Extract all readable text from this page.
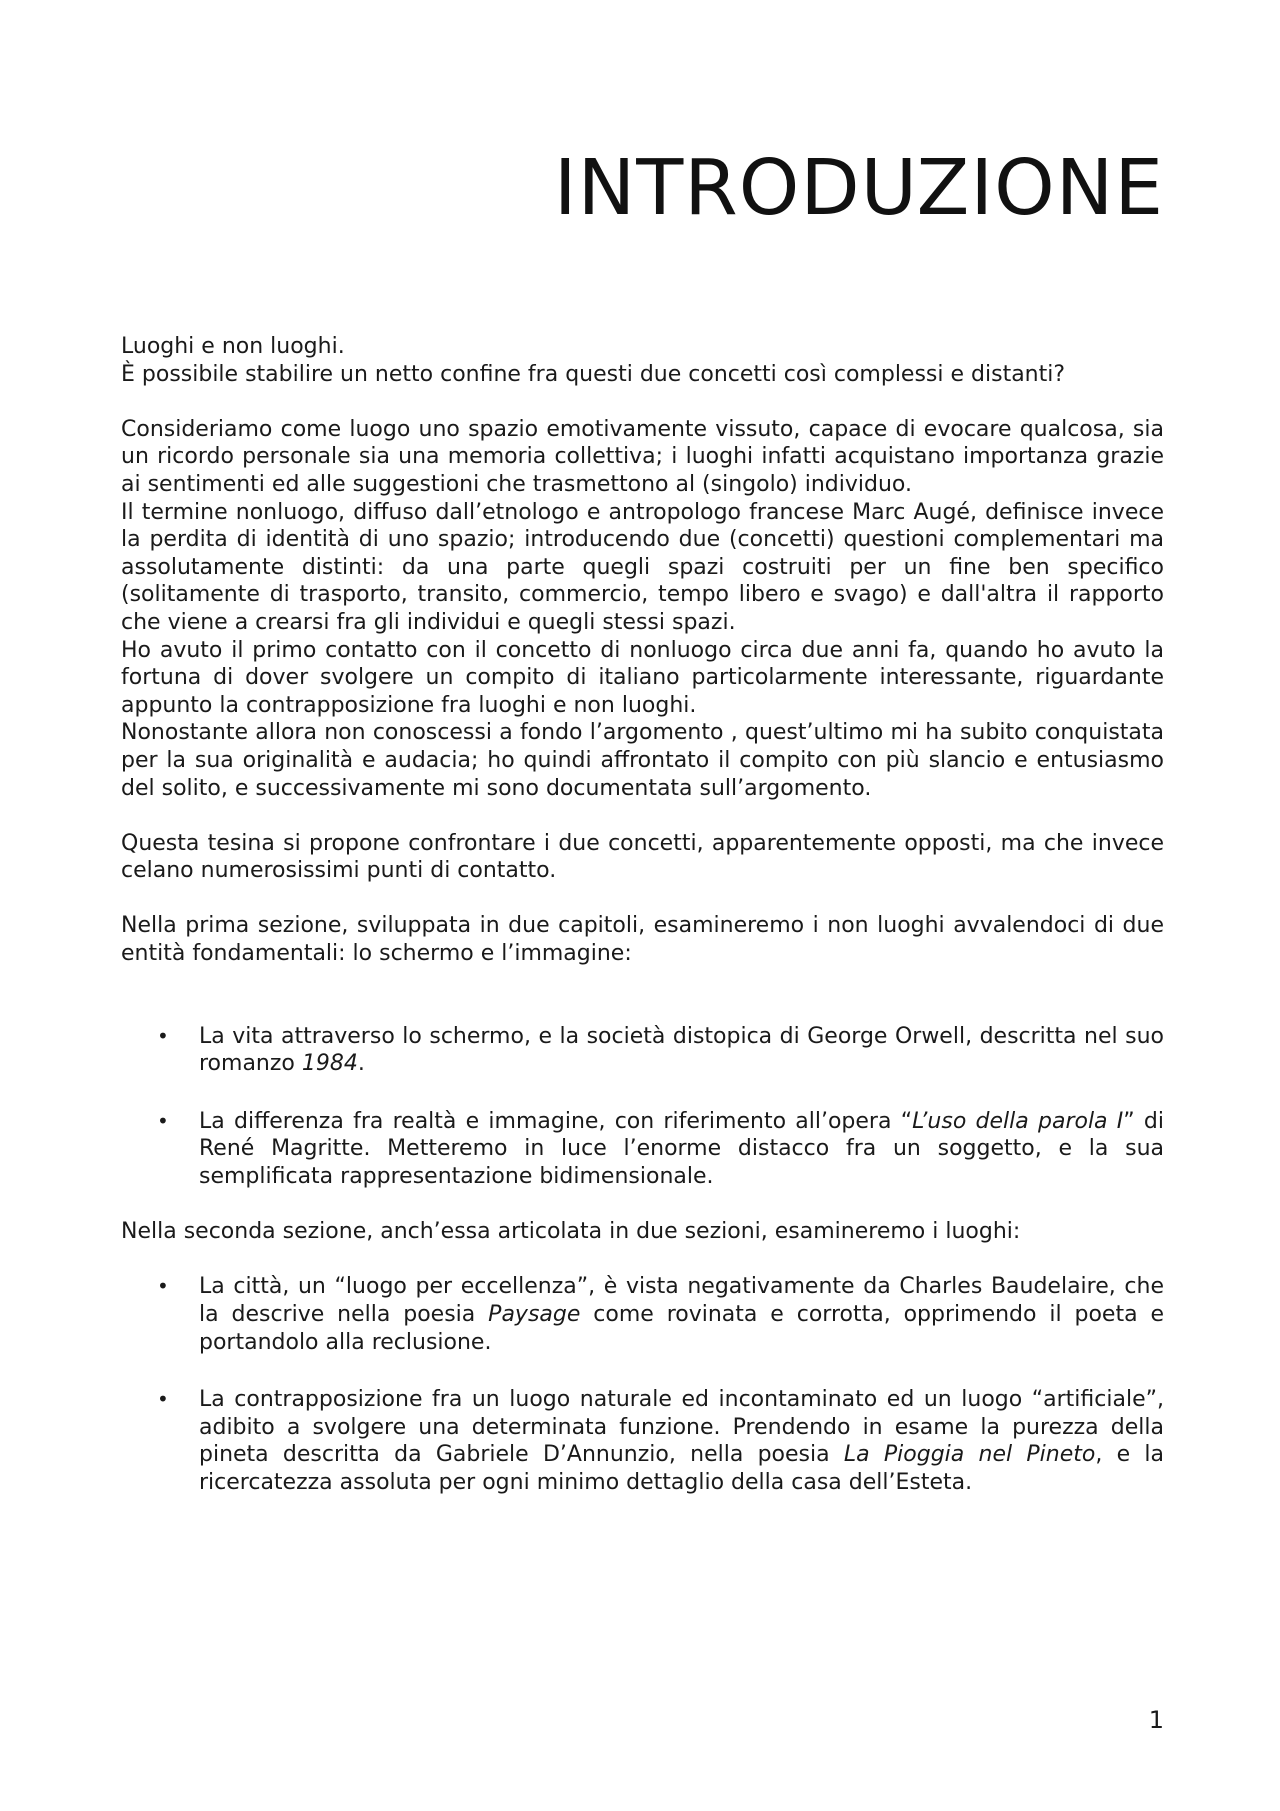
INTRODUZIONE

Luoghi e non luoghi.

È possibile stabilire un netto confine fra questi due concetti così complessi e distanti?

Consideriamo come luogo uno spazio emotivamente vissuto, capace di evocare qualcosa, sia un ricordo personale sia una memoria collettiva; i luoghi infatti acquistano importanza grazie ai sentimenti ed alle suggestioni che trasmettono al (singolo) individuo.

Il termine nonluogo, diffuso dall’etnologo e antropologo francese Marc Augé, definisce invece la perdita di identità di uno spazio; introducendo due (concetti) questioni complementari ma assolutamente distinti: da una parte quegli spazi costruiti per un fine ben specifico (solitamente di trasporto, transito, commercio, tempo libero e svago) e dall'altra il rapporto che viene a crearsi fra gli individui e quegli stessi spazi.

Ho avuto il primo contatto con il concetto di nonluogo circa due anni fa, quando ho avuto la fortuna di dover svolgere un compito di italiano particolarmente interessante, riguardante appunto la contrapposizione fra luoghi e non luoghi.

Nonostante allora non conoscessi a fondo l’argomento , quest’ultimo mi ha subito conquistata per la sua originalità e audacia; ho quindi affrontato il compito con più slancio e entusiasmo del solito, e successivamente mi sono documentata sull’argomento.

Questa tesina si propone confrontare i due concetti, apparentemente opposti, ma che invece celano numerosissimi punti di contatto.

Nella prima sezione, sviluppata in due capitoli, esamineremo i non luoghi avvalendoci di due entità fondamentali: lo schermo e l’immagine:

• La vita attraverso lo schermo, e la società distopica di George Orwell, descritta nel suo romanzo 1984.
• La differenza fra realtà e immagine, con riferimento all’opera “L’uso della parola I” di René Magritte. Metteremo in luce l’enorme distacco fra un soggetto, e la sua semplificata rappresentazione bidimensionale.

Nella seconda sezione, anch’essa articolata in due sezioni, esamineremo i luoghi:

• La città, un “luogo per eccellenza”, è vista negativamente da Charles Baudelaire, che la descrive nella poesia Paysage come rovinata e corrotta, opprimendo il poeta e portandolo alla reclusione.
• La contrapposizione fra un luogo naturale ed incontaminato ed un luogo “artificiale”, adibito a svolgere una determinata funzione. Prendendo in esame la purezza della pineta descritta da Gabriele D’Annunzio, nella poesia La Pioggia nel Pineto, e la ricercatezza assoluta per ogni minimo dettaglio della casa dell’Esteta.
1
